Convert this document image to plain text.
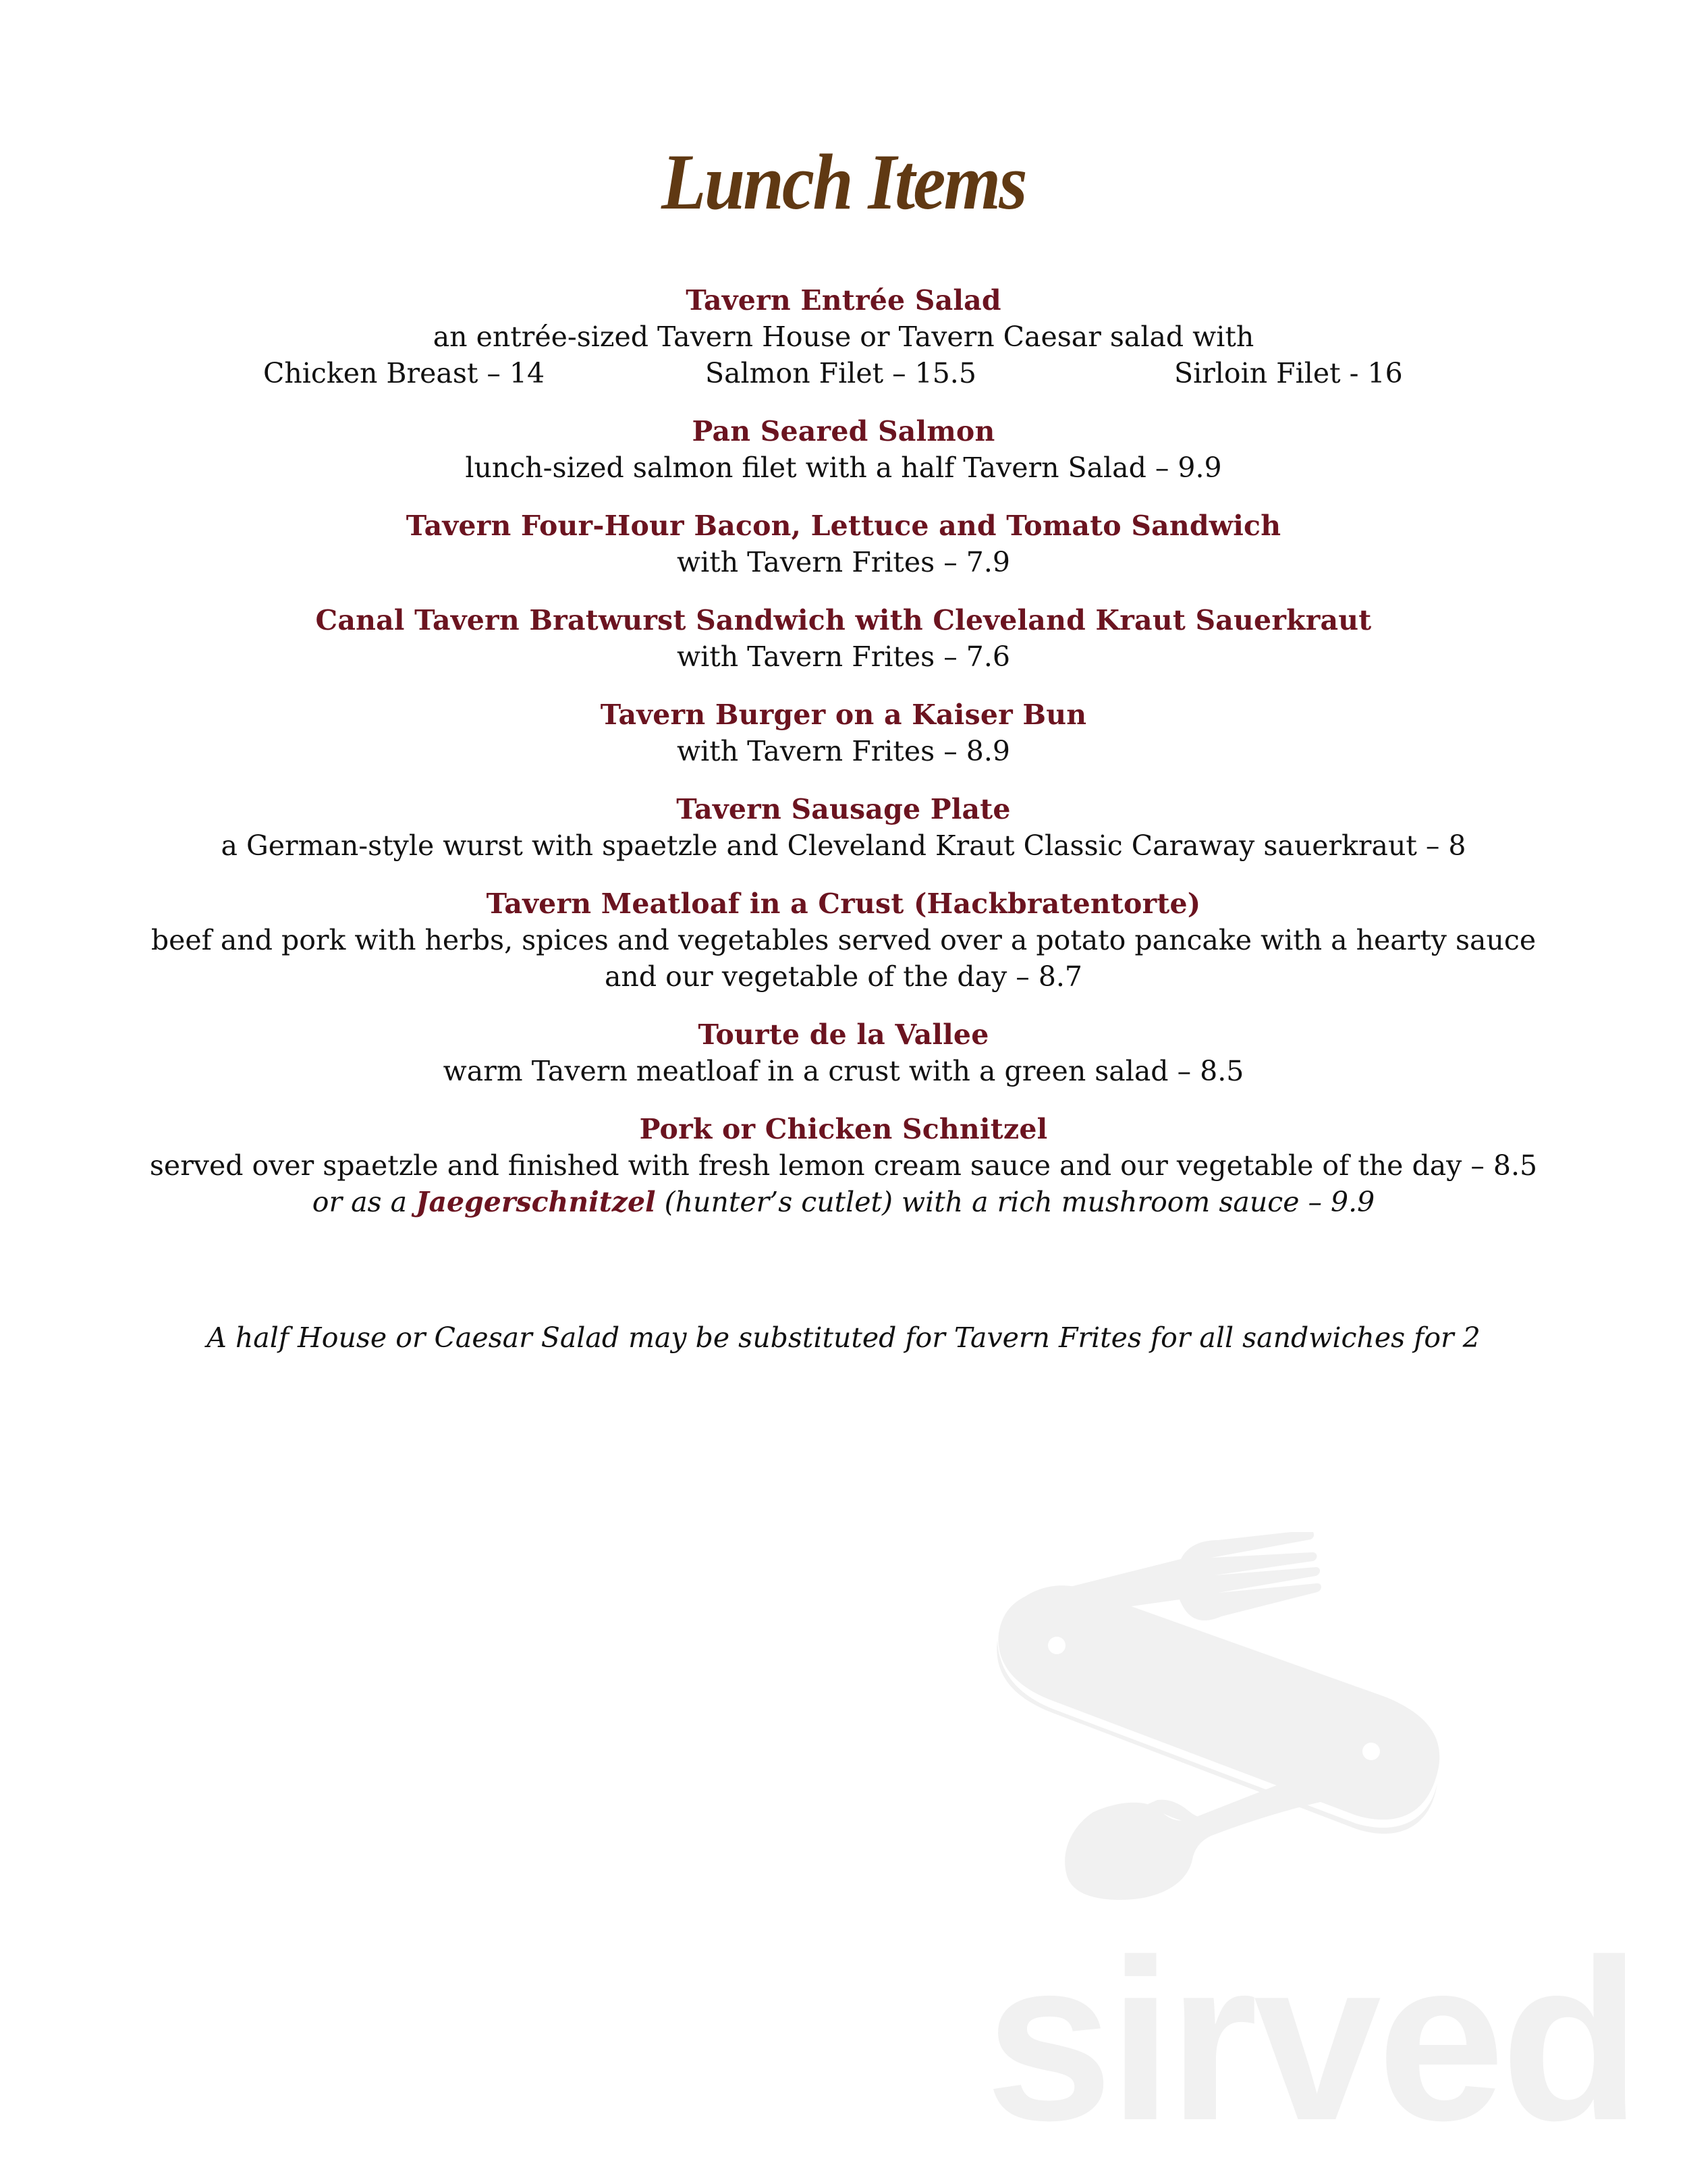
Lunch Items
Tavern Entrée Salad
an entrée-sized Tavern House or Tavern Caesar salad with
Chicken Breast – 14	Salmon Filet – 15.5	Sirloin Filet - 16
Pan Seared Salmon
lunch-sized salmon filet with a half Tavern Salad – 9.9
Tavern Four-Hour Bacon, Lettuce and Tomato Sandwich
with Tavern Frites – 7.9
Canal Tavern Bratwurst Sandwich with Cleveland Kraut Sauerkraut
with Tavern Frites – 7.6
Tavern Burger on a Kaiser Bun
with Tavern Frites – 8.9
Tavern Sausage Plate
a German-style wurst with spaetzle and Cleveland Kraut Classic Caraway sauerkraut – 8
Tavern Meatloaf in a Crust (Hackbratentorte)
beef and pork with herbs, spices and vegetables served over a potato pancake with a hearty sauce
and our vegetable of the day – 8.7
Tourte de la Vallee
warm Tavern meatloaf in a crust with a green salad – 8.5
Pork or Chicken Schnitzel
served over spaetzle and finished with fresh lemon cream sauce and our vegetable of the day – 8.5
or as a Jaegerschnitzel (hunter’s cutlet) with a rich mushroom sauce – 9.9
A half House or Caesar Salad may be substituted for Tavern Frites for all sandwiches for 2
sirved
